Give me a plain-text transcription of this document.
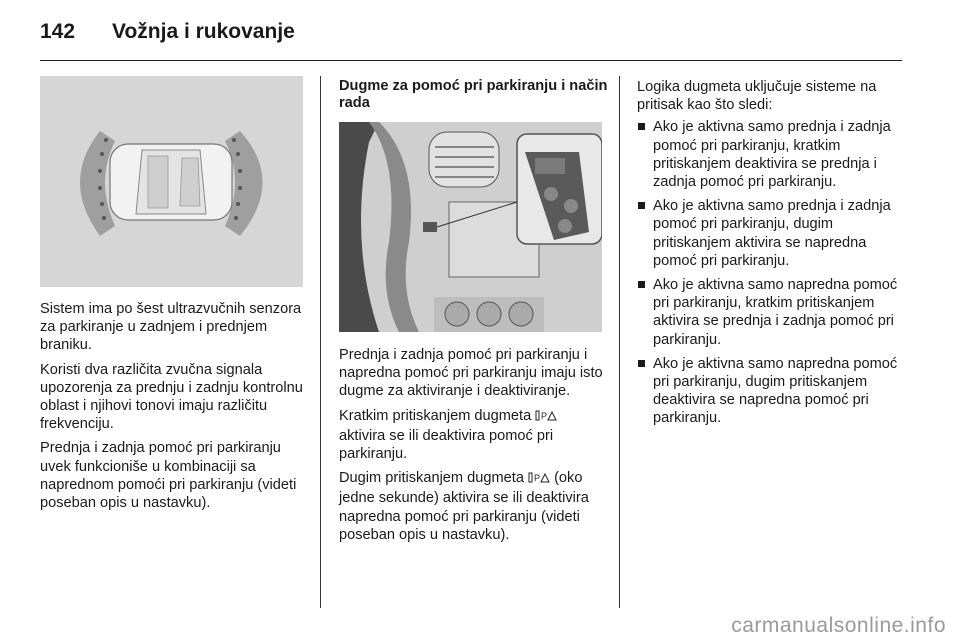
142 Vožnja i rukovanje

Sistem ima po šest ultrazvučnih senzora za parkiranje u zadnjem i prednjem braniku.

Koristi dva različita zvučna signala upozorenja za prednju i zadnju kontrolnu oblast i njihovi tonovi imaju različitu frekvenciju.

Prednja i zadnja pomoć pri parkiranju uvek funkcioniše u kombinaciji sa naprednom pomoći pri parkiranju (videti poseban opis u nastavku).

Dugme za pomoć pri parkiranju i način rada

Prednja i zadnja pomoć pri parkiranju i napredna pomoć pri parkiranju imaju isto dugme za aktiviranje i deaktiviranje.

Kratkim pritiskanjem dugmeta P
aktivira se ili deaktivira pomoć pri parkiranju.

Dugim pritiskanjem dugmeta P (oko jedne sekunde) aktivira se ili deaktivira napredna pomoć pri parkiranju (videti poseban opis u nastavku).

Logika dugmeta uključuje sisteme na pritisak kao što sledi:

Ako je aktivna samo prednja i zadnja pomoć pri parkiranju, kratkim pritiskanjem deaktivira se prednja i zadnja pomoć pri parkiranju.
Ako je aktivna samo prednja i zadnja pomoć pri parkiranju, dugim pritiskanjem aktivira se napredna pomoć pri parkiranju.
Ako je aktivna samo napredna pomoć pri parkiranju, kratkim pritiskanjem aktivira se prednja i zadnja pomoć pri parkiranju.
Ako je aktivna samo napredna pomoć pri parkiranju, dugim pritiskanjem deaktivira se napredna pomoć pri parkiranju.
carmanualsonline.info
